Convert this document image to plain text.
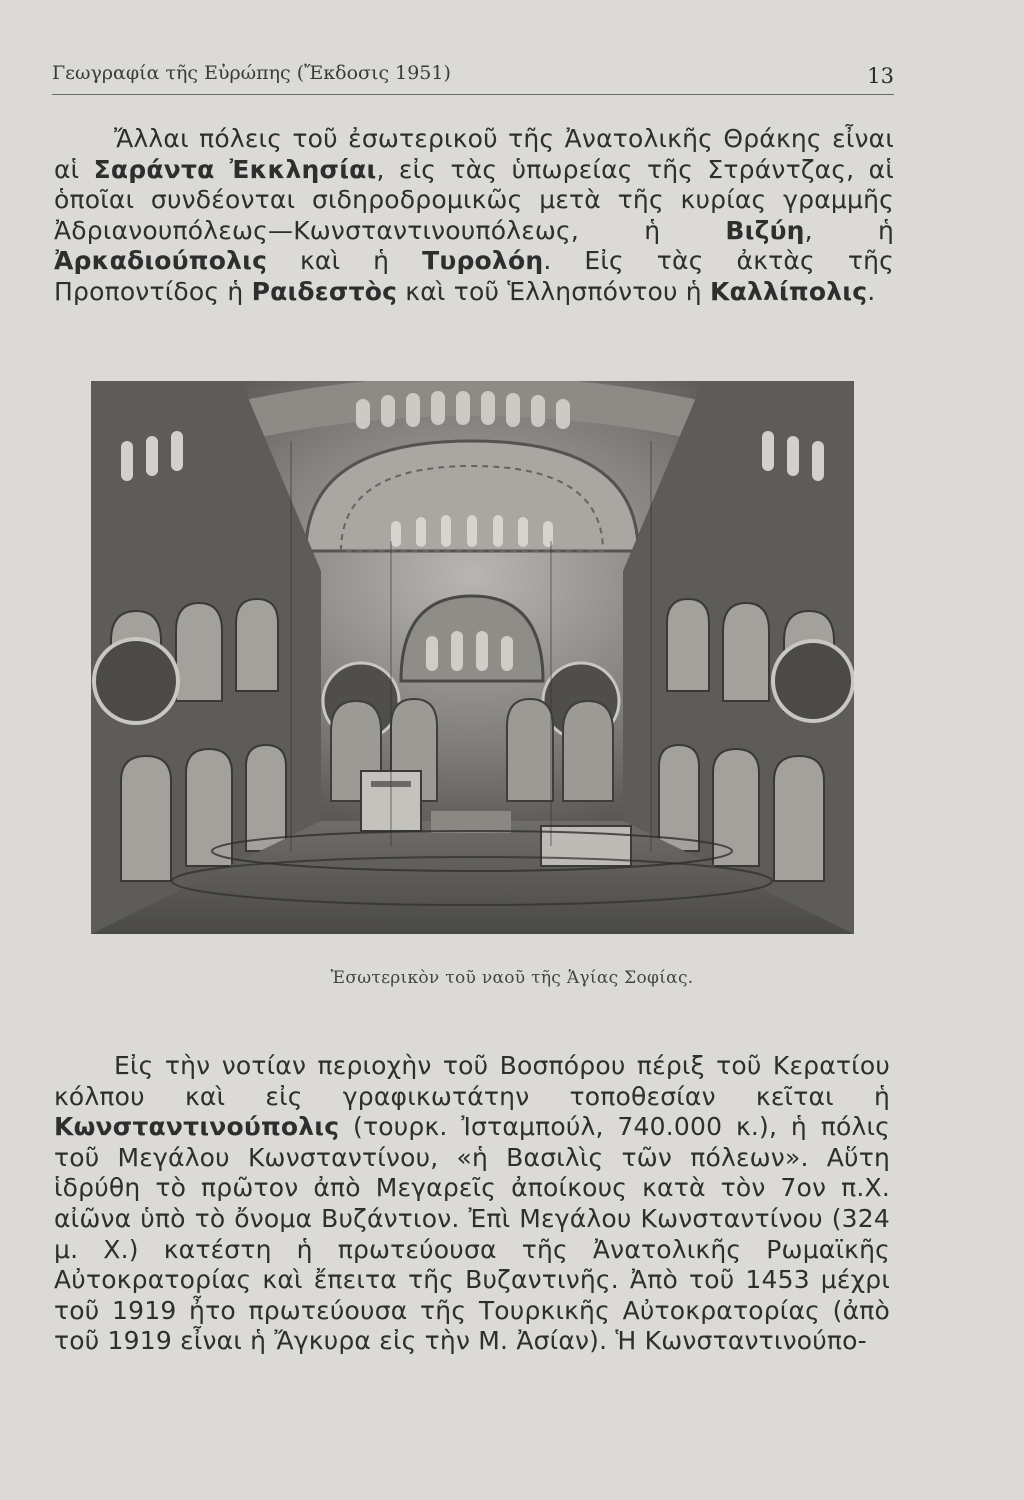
Γεωγραφία τῆς Εὐρώπης (Ἔκδοσις 1951)	13

Ἄλλαι πόλεις τοῦ ἐσωτερικοῦ τῆς Ἀνατολικῆς Θράκης εἶναι αἱ Σαράντα Ἐκκλησίαι, εἰς τὰς ὑπωρείας τῆς Στράντζας, αἱ ὁποῖαι συνδέονται σιδηροδρομικῶς μετὰ τῆς κυρίας γραμμῆς Ἀδριανουπόλεως—Κωνσταντινουπόλεως, ἡ Βιζύη, ἡ Ἀρκαδιούπολις καὶ ἡ Τυρολόη. Εἰς τὰς ἀκτὰς τῆς Προποντίδος ἡ Ραιδεστὸς καὶ τοῦ Ἑλλησπόντου ἡ Καλλίπολις.

Ἐσωτερικὸν τοῦ ναοῦ τῆς Ἁγίας Σοφίας.

Εἰς τὴν νοτίαν περιοχὴν τοῦ Βοσπόρου πέριξ τοῦ Κερατίου κόλπου καὶ εἰς γραφικωτάτην τοποθεσίαν κεῖται ἡ Κωνσταντινούπολις (τουρκ. Ἰσταμπούλ, 740.000 κ.), ἡ πόλις τοῦ Μεγάλου Κωνσταντίνου, «ἡ Βασιλὶς τῶν πόλεων». Αὕτη ἱδρύθη τὸ πρῶτον ἀπὸ Μεγαρεῖς ἀποίκους κατὰ τὸν 7ον π.Χ. αἰῶνα ὑπὸ τὸ ὄνομα Βυζάντιον. Ἐπὶ Μεγάλου Κωνσταντίνου (324 μ. Χ.) κατέστη ἡ πρωτεύουσα τῆς Ἀνατολικῆς Ρωμαϊκῆς Αὐτοκρατορίας καὶ ἔπειτα τῆς Βυζαντινῆς. Ἀπὸ τοῦ 1453 μέχρι τοῦ 1919 ἦτο πρωτεύουσα τῆς Τουρκικῆς Αὐτοκρατορίας (ἀπὸ τοῦ 1919 εἶναι ἡ Ἄγκυρα εἰς τὴν Μ. Ἀσίαν). Ἡ Κωνσταντινούπο-
